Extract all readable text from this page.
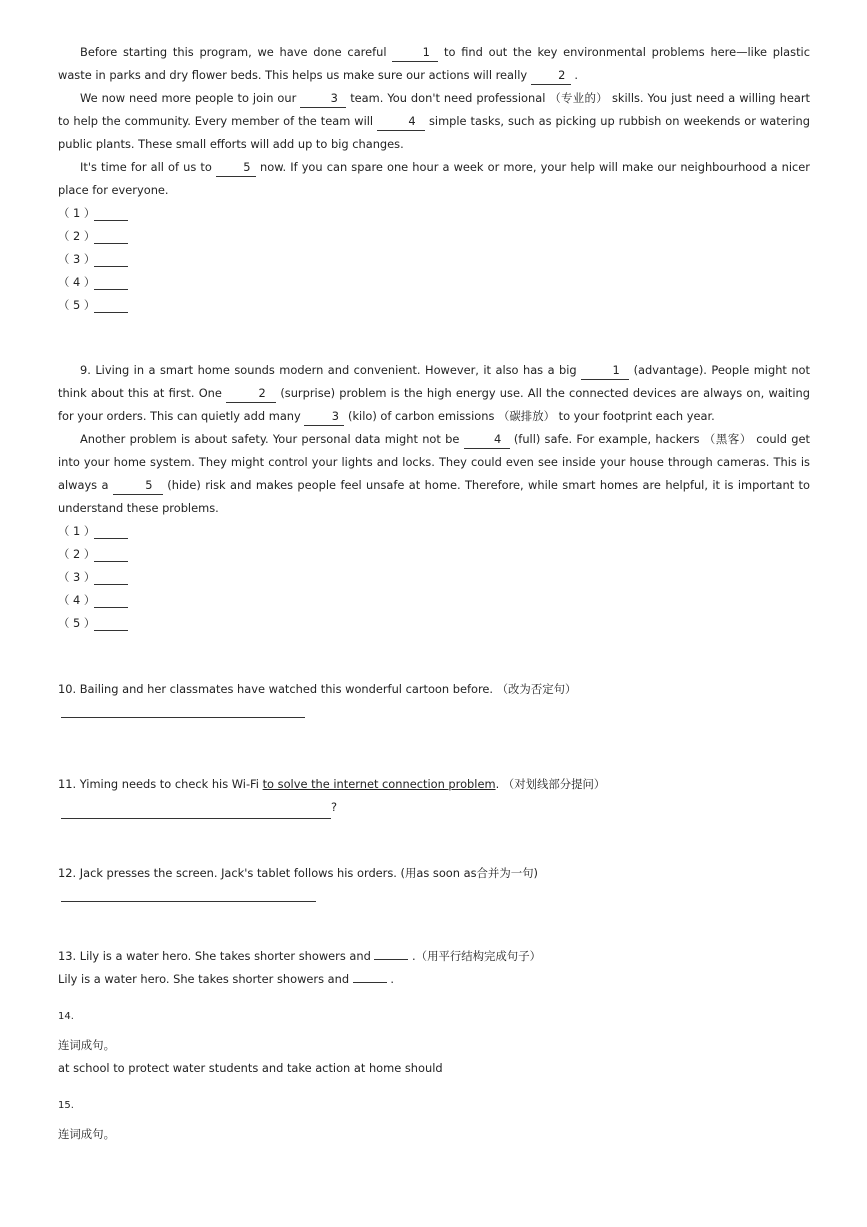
Before starting this program, we have done careful	1 to find out the key environmental problems here—like plastic waste in parks and dry flower beds. This helps us make sure our actions will really 2 .

We now need more people to join our	3 team. You don't need professional （专业的） skills. You just need a willing heart to help the community. Every member of the team will	4 simple tasks, such as picking up rubbish on weekends or watering public plants. These small efforts will add up to big changes.

It's time for all of us to 5 now. If you can spare one hour a week or more, your help will make our neighbourhood a nicer place for everyone.

（ 1 ）
（ 2 ）
（ 3 ）
（ 4 ）
（ 5 ）

9. Living in a smart home sounds modern and convenient. However, it also has a big	1 (advantage). People might not think about this at first. One	2 (surprise) problem is the high energy use. All the connected devices are always on, waiting for your orders. This can quietly add many 3 (kilo) of carbon emissions （碳排放） to your footprint each year.

Another problem is about safety. Your personal data might not be	4 (full) safe. For example, hackers （黑客） could get into your home system. They might control your lights and locks. They could even see inside your house through cameras. This is always a	5 (hide) risk and makes people feel unsafe at home. Therefore, while smart homes are helpful, it is important to understand these problems.

（ 1 ）
（ 2 ）
（ 3 ）
（ 4 ）
（ 5 ）

10. Bailing and her classmates have watched this wonderful cartoon before. （改为否定句）

11. Yiming needs to check his Wi-Fi to solve the internet connection problem. （对划线部分提问）

?

12. Jack presses the screen. Jack's tablet follows his orders. (用as soon as合并为一句)

13. Lily is a water hero. She takes shorter showers and	.（用平行结构完成句子）

Lily is a water hero. She takes shorter showers and	.

14.

连词成句。

at school to protect water students and take action at home should

15.

连词成句。
